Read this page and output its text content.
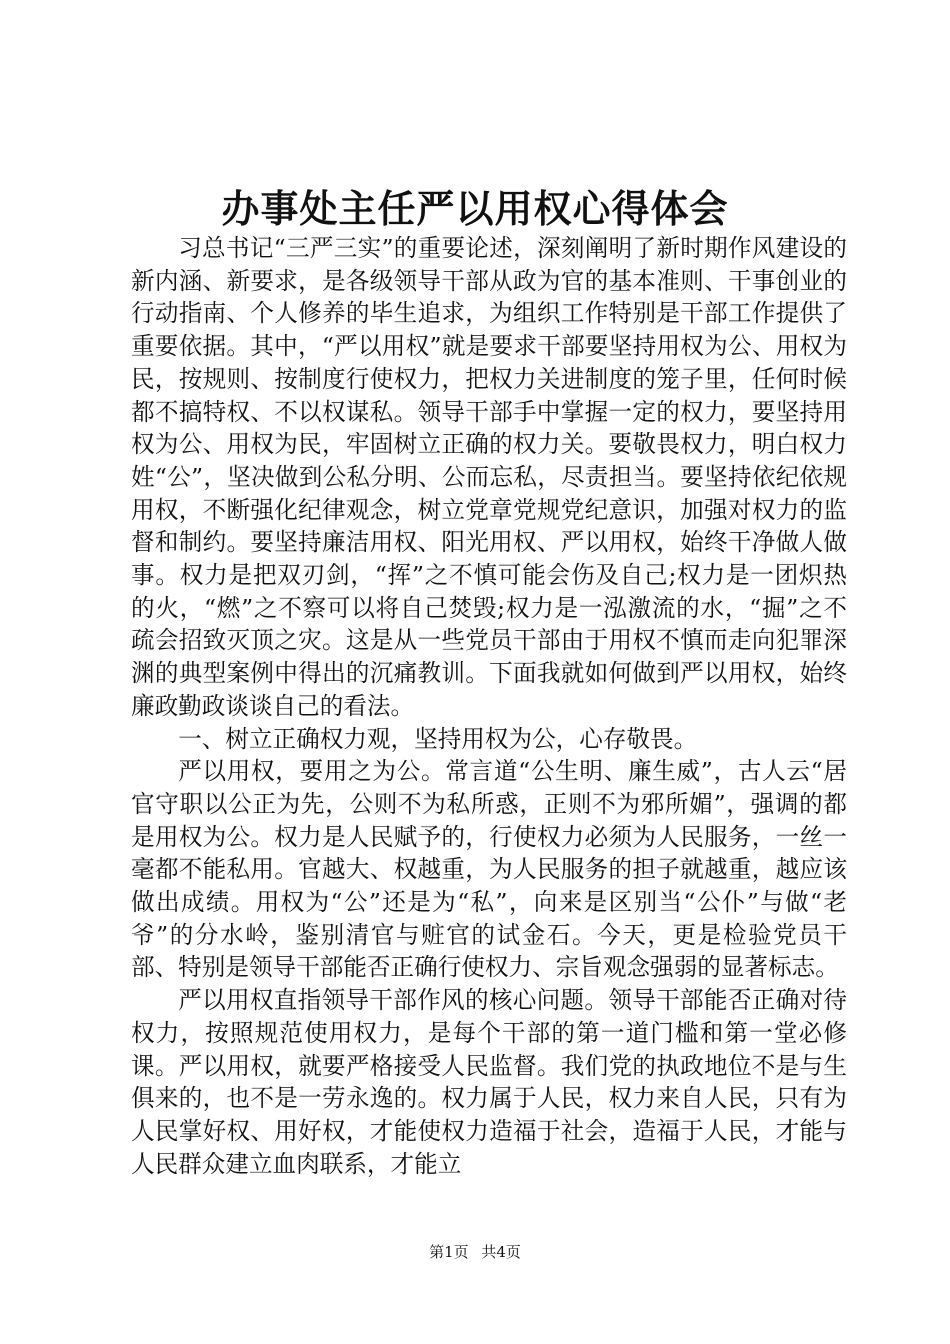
办事处主任严以用权心得体会

习总书记“三严三实”的重要论述，深刻阐明了新时期作风建设的新内涵、新要求，是各级领导干部从政为官的基本准则、干事创业的行动指南、个人修养的毕生追求，为组织工作特别是干部工作提供了重要依据。其中，“严以用权”就是要求干部要坚持用权为公、用权为民，按规则、按制度行使权力，把权力关进制度的笼子里，任何时候都不搞特权、不以权谋私。领导干部手中掌握一定的权力，要坚持用权为公、用权为民，牢固树立正确的权力关。要敬畏权力，明白权力姓“公”，坚决做到公私分明、公而忘私，尽责担当。要坚持依纪依规用权，不断强化纪律观念，树立党章党规党纪意识，加强对权力的监督和制约。要坚持廉洁用权、阳光用权、严以用权，始终干净做人做事。权力是把双刃剑，“挥”之不慎可能会伤及自己;权力是一团炽热的火，“燃”之不察可以将自己焚毁;权力是一泓激流的水，“掘”之不疏会招致灭顶之灾。这是从一些党员干部由于用权不慎而走向犯罪深渊的典型案例中得出的沉痛教训。下面我就如何做到严以用权，始终廉政勤政谈谈自己的看法。

一、树立正确权力观，坚持用权为公，心存敬畏。

严以用权，要用之为公。常言道“公生明、廉生威”，古人云“居官守职以公正为先，公则不为私所惑，正则不为邪所媚”，强调的都是用权为公。权力是人民赋予的，行使权力必须为人民服务，一丝一毫都不能私用。官越大、权越重，为人民服务的担子就越重，越应该做出成绩。用权为“公”还是为“私”，向来是区别当“公仆”与做“老爷”的分水岭，鉴别清官与赃官的试金石。今天，更是检验党员干部、特别是领导干部能否正确行使权力、宗旨观念强弱的显著标志。

严以用权直指领导干部作风的核心问题。领导干部能否正确对待权力，按照规范使用权力，是每个干部的第一道门槛和第一堂必修课。严以用权，就要严格接受人民监督。我们党的执政地位不是与生俱来的，也不是一劳永逸的。权力属于人民，权力来自人民，只有为人民掌好权、用好权，才能使权力造福于社会，造福于人民，才能与人民群众建立血肉联系，才能立

第1页 共4页
